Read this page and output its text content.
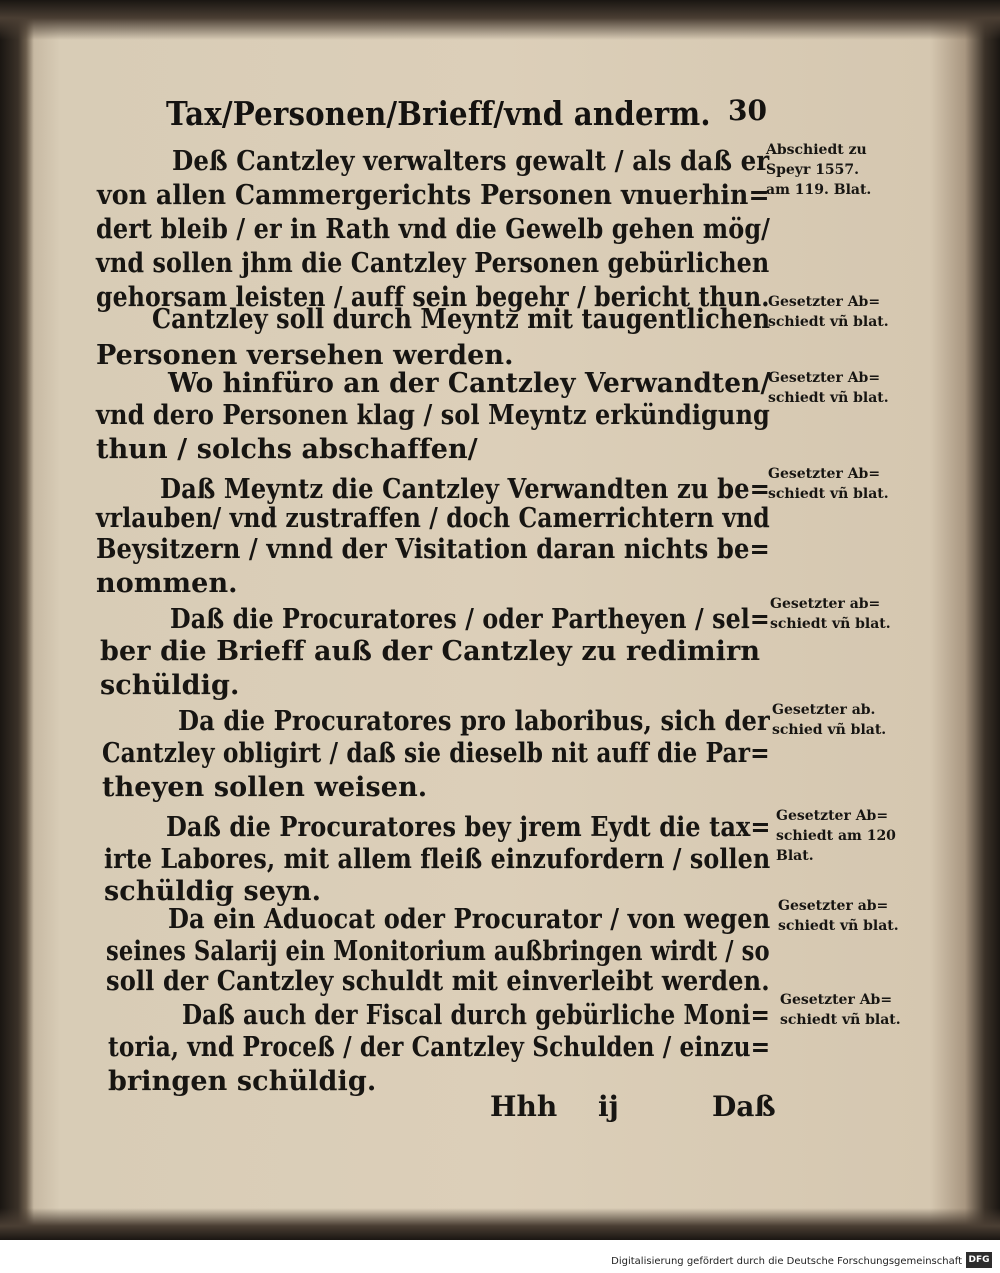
Tax/Personen/Brieff/vnd anderm. 30
Deß Cantzley verwalters gewalt / als daß er
von allen Cammergerichts Personen vnuerhin=
dert bleib / er in Rath vnd die Gewelb gehen mög/
vnd sollen jhm die Cantzley Personen gebürlichen
gehorsam leisten / auff sein begehr / bericht thun.
Cantzley soll durch Meyntz mit taugentlichen
Personen versehen werden.
Wo hinfüro an der Cantzley Verwandten/
vnd dero Personen klag / sol Meyntz erkündigung
thun / solchs abschaffen/
Daß Meyntz die Cantzley Verwandten zu be=
vrlauben/ vnd zustraffen / doch Camerrichtern vnd
Beysitzern / vnnd der Visitation daran nichts be=
nommen.
Daß die Procuratores / oder Partheyen / sel=
ber die Brieff auß der Cantzley zu redimirn
schüldig.
Da die Procuratores pro laboribus, sich der
Cantzley obligirt / daß sie dieselb nit auff die Par=
theyen sollen weisen.
Daß die Procuratores bey jrem Eydt die tax=
irte Labores, mit allem fleiß einzufordern / sollen
schüldig seyn.
Da ein Aduocat oder Procurator / von wegen
seines Salarij ein Monitorium außbringen wirdt / so
soll der Cantzley schuldt mit einverleibt werden.
Daß auch der Fiscal durch gebürliche Moni=
toria, vnd Proceß / der Cantzley Schulden / einzu=
bringen schüldig.
Abschiedt zu
Speyr 1557.
am 119. Blat.
Gesetzter Ab=
schiedt vñ blat.
Gesetzter Ab=
schiedt vñ blat.
Gesetzter Ab=
schiedt vñ blat.
Gesetzter ab=
schiedt vñ blat.
Gesetzter ab.
schied vñ blat.
Gesetzter Ab=
schiedt am 120
Blat.
Gesetzter ab=
schiedt vñ blat.
Gesetzter Ab=
schiedt vñ blat.
Hhh ij	Daß
Digitalisierung gefördert durch die Deutsche Forschungsgemeinschaft DFG
